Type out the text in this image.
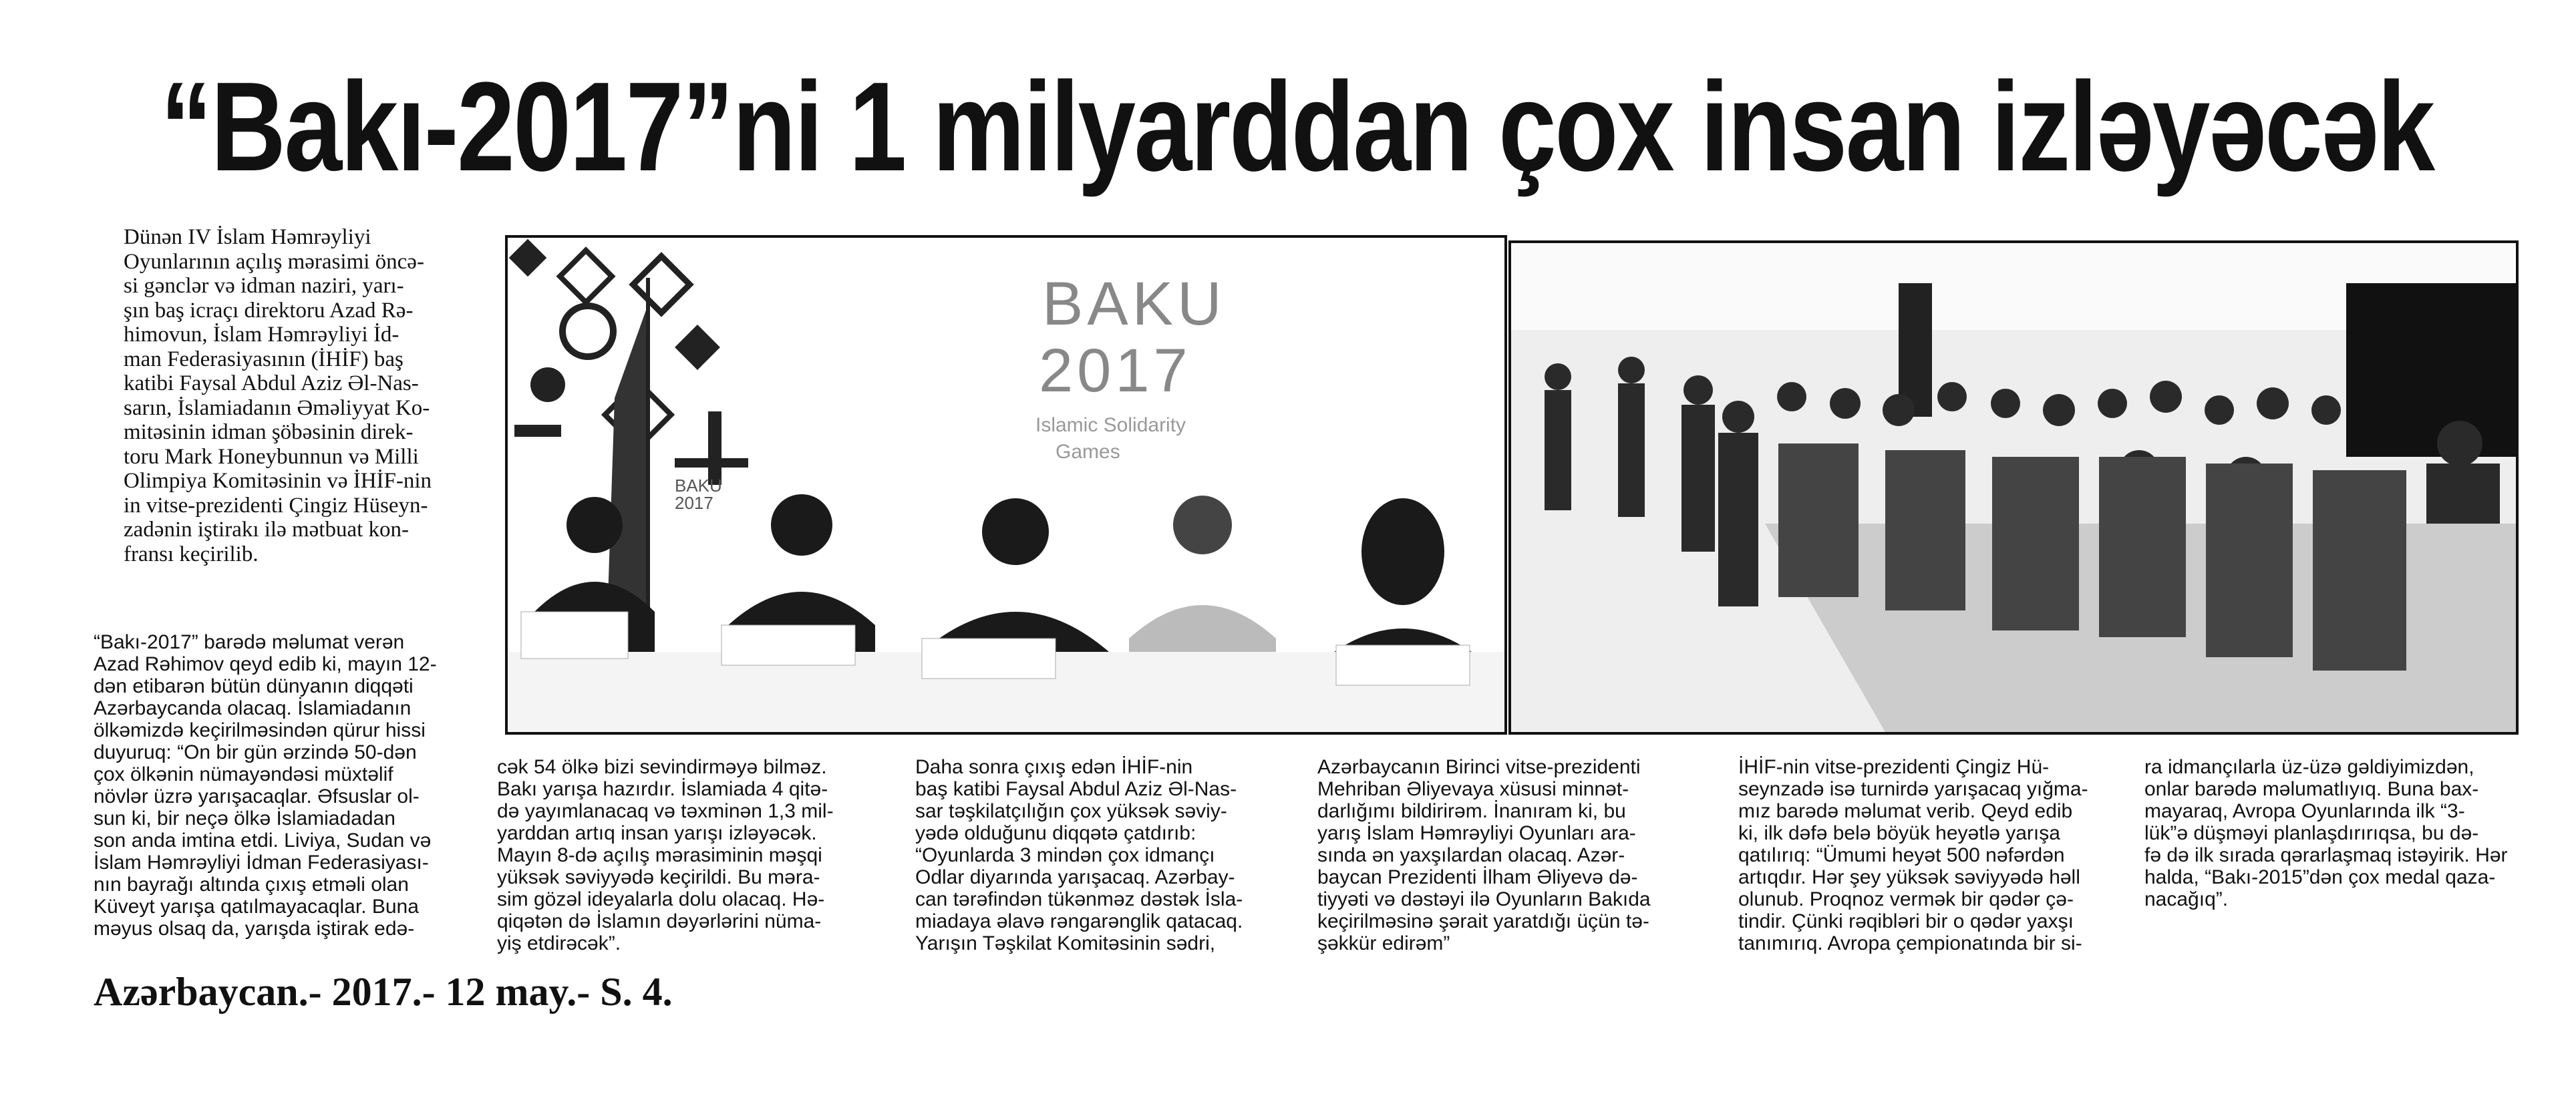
“Bakı-2017”ni 1 milyarddan çox insan izləyəcək

Dünən IV İslam Həmrəyliyi
Oyunlarının açılış mərasimi öncə-
si gənclər və idman naziri, yarı-
şın baş icraçı direktoru Azad Rə-
himovun, İslam Həmrəyliyi İd-
man Federasiyasının (İHİF) baş
katibi Faysal Abdul Aziz Əl-Nas-
sarın, İslamiadanın Əməliyyat Ko-
mitəsinin idman şöbəsinin direk-
toru Mark Honeybunnun və Milli
Olimpiya Komitəsinin və İHİF-nin
in vitse-prezidenti Çingiz Hüseyn-
zadənin iştirakı ilə mətbuat kon-
fransı keçirilib.

BAKU
2017
Islamic Solidarity
Games
BAKU
2017

“Bakı-2017” barədə məlumat verən
Azad Rəhimov qeyd edib ki, mayın 12-
dən etibarən bütün dünyanın diqqəti
Azərbaycanda olacaq. İslamiadanın
ölkəmizdə keçirilməsindən qürur hissi
duyuruq: “On bir gün ərzində 50-dən
çox ölkənin nümayəndəsi müxtəlif
növlər üzrə yarışacaqlar. Əfsuslar ol-
sun ki, bir neçə ölkə İslamiadadan
son anda imtina etdi. Liviya, Sudan və
İslam Həmrəyliyi İdman Federasiyası-
nın bayrağı altında çıxış etməli olan
Küveyt yarışa qatılmayacaqlar. Buna
məyus olsaq da, yarışda iştirak edə-

cək 54 ölkə bizi sevindirməyə bilməz.
Bakı yarışa hazırdır. İslamiada 4 qitə-
də yayımlanacaq və təxminən 1,3 mil-
yarddan artıq insan yarışı izləyəcək.
Mayın 8-də açılış mərasiminin məşqi
yüksək səviyyədə keçirildi. Bu məra-
sim gözəl ideyalarla dolu olacaq. Hə-
qiqətən də İslamın dəyərlərini nüma-
yiş etdirəcək”.

Daha sonra çıxış edən İHİF-nin
baş katibi Faysal Abdul Aziz Əl-Nas-
sar təşkilatçılığın çox yüksək səviy-
yədə olduğunu diqqətə çatdırıb:
“Oyunlarda 3 mindən çox idmançı
Odlar diyarında yarışacaq. Azərbay-
can tərəfindən tükənməz dəstək İsla-
miadaya əlavə rəngarənglik qatacaq.
Yarışın Təşkilat Komitəsinin sədri,

Azərbaycanın Birinci vitse-prezidenti
Mehriban Əliyevaya xüsusi minnət-
darlığımı bildirirəm. İnanıram ki, bu
yarış İslam Həmrəyliyi Oyunları ara-
sında ən yaxşılardan olacaq. Azər-
baycan Prezidenti İlham Əliyevə də-
tiyyəti və dəstəyi ilə Oyunların Bakıda
keçirilməsinə şərait yaratdığı üçün tə-
şəkkür edirəm”

İHİF-nin vitse-prezidenti Çingiz Hü-
seynzadə isə turnirdə yarışacaq yığma-
mız barədə məlumat verib. Qeyd edib
ki, ilk dəfə belə böyük heyətlə yarışa
qatılırıq: “Ümumi heyət 500 nəfərdən
artıqdır. Hər şey yüksək səviyyədə həll
olunub. Proqnoz vermək bir qədər çə-
tindir. Çünki rəqibləri bir o qədər yaxşı
tanımırıq. Avropa çempionatında bir si-

ra idmançılarla üz-üzə gəldiyimizdən,
onlar barədə məlumatlıyıq. Buna bax-
mayaraq, Avropa Oyunlarında ilk “3-
lük”ə düşməyi planlaşdırırıqsa, bu də-
fə də ilk sırada qərarlaşmaq istəyirik. Hər
halda, “Bakı-2015”dən çox medal qaza-
nacağıq”.

Azərbaycan.- 2017.- 12 may.- S. 4.
